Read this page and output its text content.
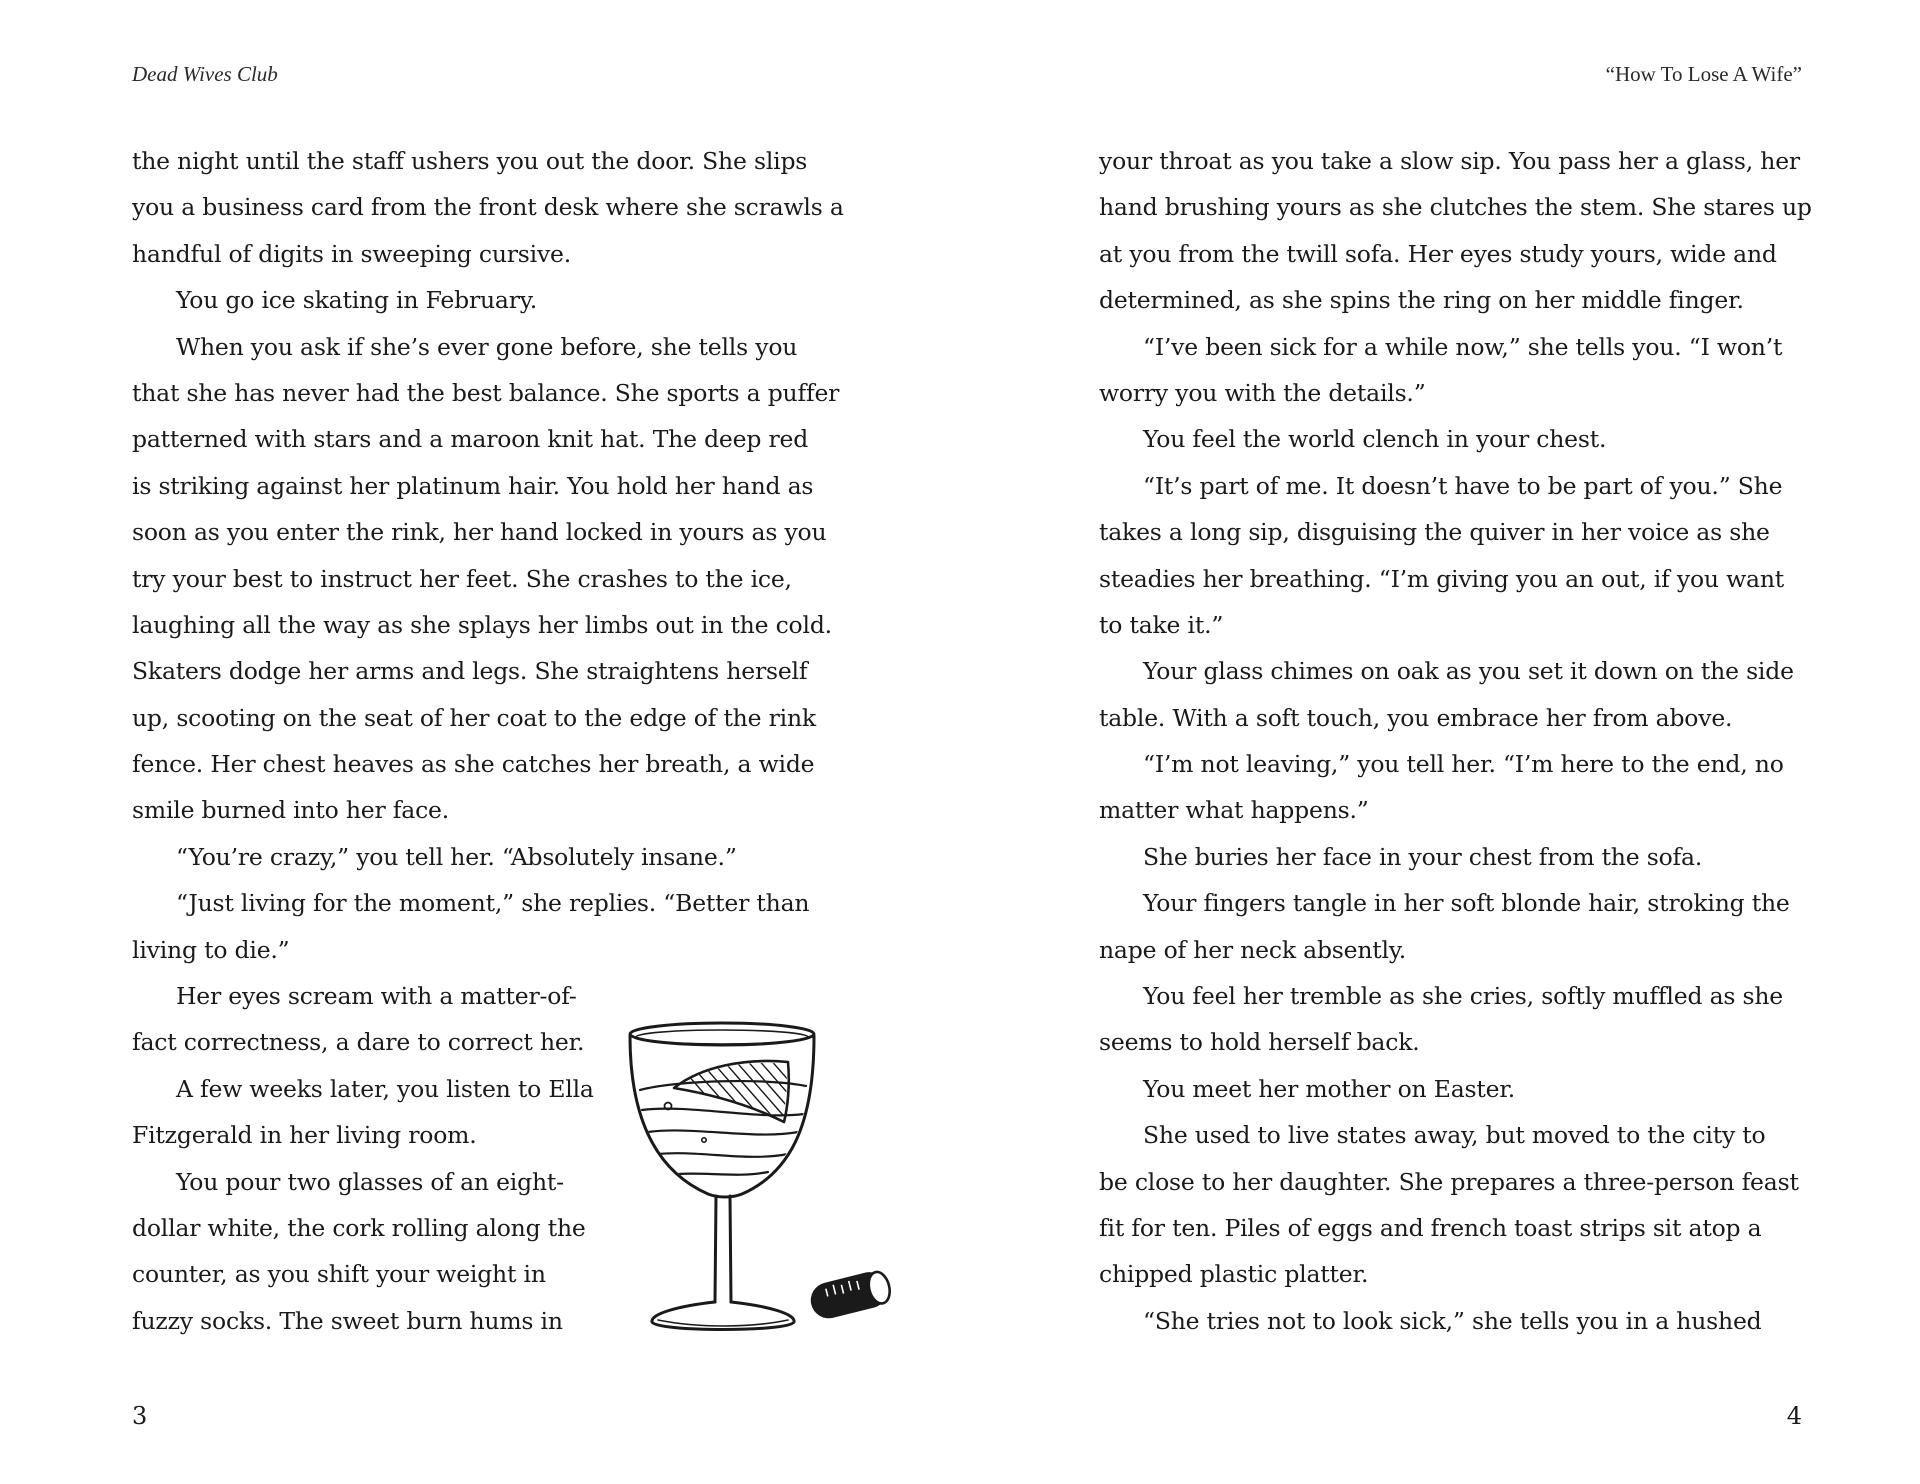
Dead Wives Club
the night until the staff ushers you out the door. She slips
you a business card from the front desk where she scrawls a
handful of digits in sweeping cursive.
You go ice skating in February.
When you ask if she’s ever gone before, she tells you
that she has never had the best balance. She sports a puffer
patterned with stars and a maroon knit hat. The deep red
is striking against her platinum hair. You hold her hand as
soon as you enter the rink, her hand locked in yours as you
try your best to instruct her feet. She crashes to the ice,
laughing all the way as she splays her limbs out in the cold.
Skaters dodge her arms and legs. She straightens herself
up, scooting on the seat of her coat to the edge of the rink
fence. Her chest heaves as she catches her breath, a wide
smile burned into her face.
“You’re crazy,” you tell her. “Absolutely insane.”
“Just living for the moment,” she replies. “Better than
living to die.”
Her eyes scream with a matter-of-
fact correctness, a dare to correct her.
A few weeks later, you listen to Ella
Fitzgerald in her living room.
You pour two glasses of an eight-
dollar white, the cork rolling along the
counter, as you shift your weight in
fuzzy socks. The sweet burn hums in
3
“How To Lose A Wife”
your throat as you take a slow sip. You pass her a glass, her
hand brushing yours as she clutches the stem. She stares up
at you from the twill sofa. Her eyes study yours, wide and
determined, as she spins the ring on her middle finger.
“I’ve been sick for a while now,” she tells you. “I won’t
worry you with the details.”
You feel the world clench in your chest.
“It’s part of me. It doesn’t have to be part of you.” She
takes a long sip, disguising the quiver in her voice as she
steadies her breathing. “I’m giving you an out, if you want
to take it.”
Your glass chimes on oak as you set it down on the side
table. With a soft touch, you embrace her from above.
“I’m not leaving,” you tell her. “I’m here to the end, no
matter what happens.”
She buries her face in your chest from the sofa.
Your fingers tangle in her soft blonde hair, stroking the
nape of her neck absently.
You feel her tremble as she cries, softly muffled as she
seems to hold herself back.
You meet her mother on Easter.
She used to live states away, but moved to the city to
be close to her daughter. She prepares a three-person feast
fit for ten. Piles of eggs and french toast strips sit atop a
chipped plastic platter.
“She tries not to look sick,” she tells you in a hushed
4
